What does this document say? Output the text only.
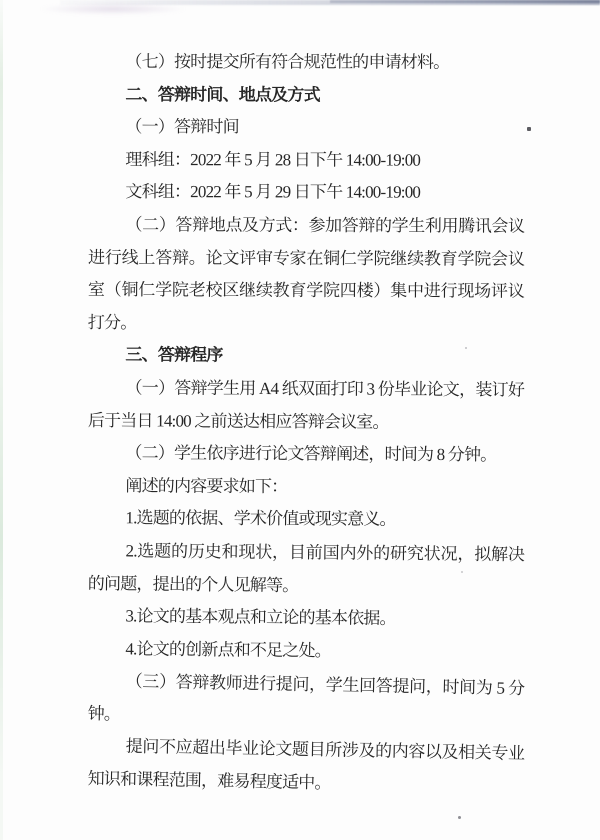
（七）按时提交所有符合规范性的申请材料。

二、答辩时间、地点及方式

（一）答辩时间

理科组：2022 年 5 月 28 日下午 14:00-19:00

文科组：2022 年 5 月 29 日下午 14:00-19:00

（二）答辩地点及方式：参加答辩的学生利用腾讯会议进行线上答辩。论文评审专家在铜仁学院继续教育学院会议室（铜仁学院老校区继续教育学院四楼）集中进行现场评议打分。

三、答辩程序

（一）答辩学生用 A4 纸双面打印 3 份毕业论文，装订好后于当日 14:00 之前送达相应答辩会议室。

（二）学生依序进行论文答辩阐述，时间为 8 分钟。

阐述的内容要求如下：

1.选题的依据、学术价值或现实意义。

2.选题的历史和现状，目前国内外的研究状况，拟解决的问题，提出的个人见解等。

3.论文的基本观点和立论的基本依据。

4.论文的创新点和不足之处。

（三）答辩教师进行提问，学生回答提问，时间为 5 分钟。

提问不应超出毕业论文题目所涉及的内容以及相关专业知识和课程范围，难易程度适中。
